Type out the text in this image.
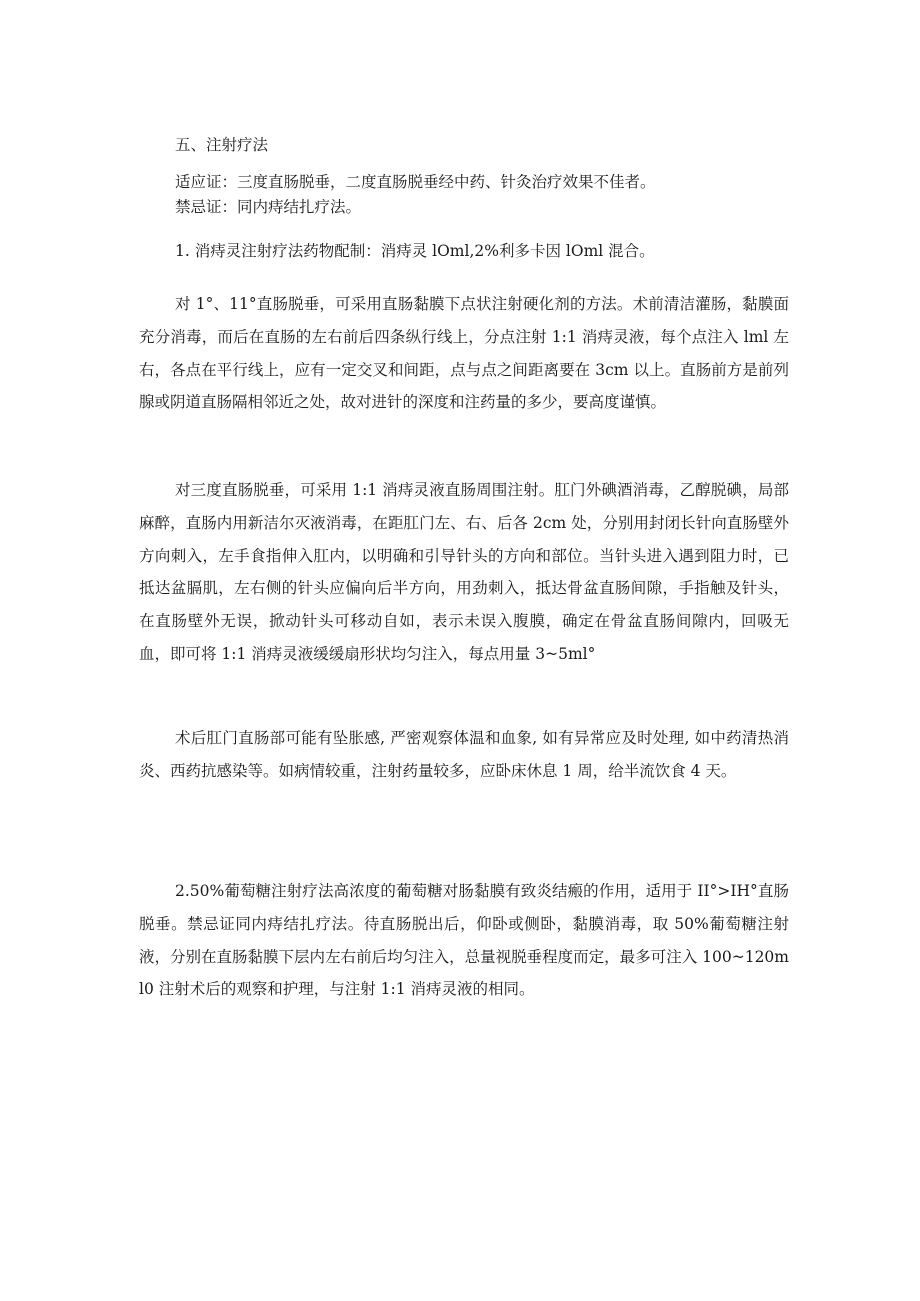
五、注射疗法

适应证：三度直肠脱垂，二度直肠脱垂经中药、针灸治疗效果不佳者。

禁忌证：同内痔结扎疗法。

1. 消痔灵注射疗法药物配制：消痔灵 lOml,2%利多卡因 lOml 混合。

对 1°、11°直肠脱垂，可采用直肠黏膜下点状注射硬化剂的方法。术前清洁灌肠，黏膜面充分消毒，而后在直肠的左右前后四条纵行线上，分点注射 1:1 消痔灵液，每个点注入 lml 左右，各点在平行线上，应有一定交叉和间距，点与点之间距离要在 3cm 以上。直肠前方是前列腺或阴道直肠隔相邻近之处，故对进针的深度和注药量的多少，要高度谨慎。

对三度直肠脱垂，可采用 1:1 消痔灵液直肠周围注射。肛门外碘酒消毒，乙醇脱碘，局部麻醉，直肠内用新洁尔灭液消毒，在距肛门左、右、后各 2cm 处，分别用封闭长针向直肠壁外方向刺入，左手食指伸入肛内，以明确和引导针头的方向和部位。当针头进入遇到阻力时，已抵达盆膈肌，左右侧的针头应偏向后半方向，用劲刺入，抵达骨盆直肠间隙，手指触及针头，在直肠壁外无误，掀动针头可移动自如，表示未误入腹膜，确定在骨盆直肠间隙内，回吸无血，即可将 1:1 消痔灵液缓缓扇形状均匀注入，每点用量 3~5ml°

术后肛门直肠部可能有坠胀感, 严密观察体温和血象, 如有异常应及时处理, 如中药清热消炎、西药抗感染等。如病情较重，注射药量较多，应卧床休息 1 周，给半流饮食 4 天。

2.50%葡萄糖注射疗法高浓度的葡萄糖对肠黏膜有致炎结瘢的作用，适用于 II°>IH°直肠脱垂。禁忌证同内痔结扎疗法。待直肠脱出后，仰卧或侧卧，黏膜消毒，取 50%葡萄糖注射液，分别在直肠黏膜下层内左右前后均匀注入，总量视脱垂程度而定，最多可注入 100~120ml0 注射术后的观察和护理，与注射 1:1 消痔灵液的相同。
